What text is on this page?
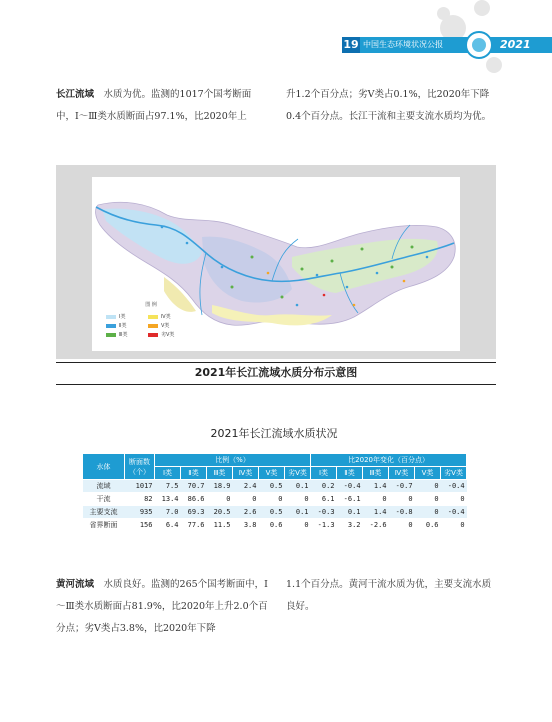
19 中国生态环境状况公报	2021
长江流域　 水质为优。监测的1017个国考断面中，Ⅰ～Ⅲ类水质断面占97.1%，比2020年上
升1.2个百分点；劣Ⅴ类占0.1%，比2020年下降0.4个百分点。长江干流和主要支流水质均为优。
图 例
Ⅰ类	Ⅳ类 Ⅱ类	Ⅴ类 Ⅲ类	劣Ⅴ类
2021年长江流域水质分布示意图
2021年长江流域水质状况
水体	断面数（个）	比例（%）						比2020年变化（百分点）					
		Ⅰ类	Ⅱ类	Ⅲ类	Ⅳ类	Ⅴ类	劣Ⅴ类	Ⅰ类	Ⅱ类	Ⅲ类	Ⅳ类	Ⅴ类	劣Ⅴ类
流域	1017	7.5	70.7	18.9	2.4	0.5	0.1	0.2	-0.4	1.4	-0.7	0	-0.4
干流	82	13.4	86.6	0	0	0	0	6.1	-6.1	0	0	0	0
主要支流	935	7.0	69.3	20.5	2.6	0.5	0.1	-0.3	0.1	1.4	-0.8	0	-0.4
省界断面	156	6.4	77.6	11.5	3.8	0.6	0	-1.3	3.2	-2.6	0	0.6	0
黄河流域　 水质良好。监测的265个国考断面中，Ⅰ～Ⅲ类水质断面占81.9%，比2020年上升2.0个百分点；劣Ⅴ类占3.8%，比2020年下降
1.1个百分点。黄河干流水质为优，主要支流水质良好。
